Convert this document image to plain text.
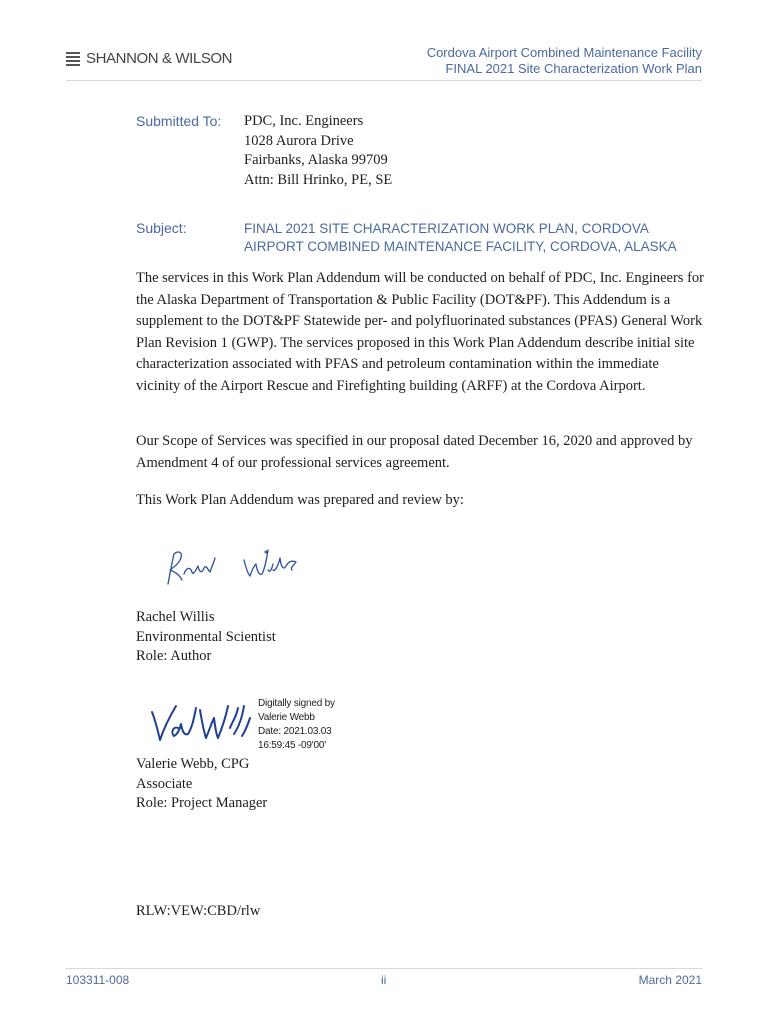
SHANNON & WILSON	Cordova Airport Combined Maintenance Facility
FINAL 2021 Site Characterization Work Plan
Submitted To: PDC, Inc. Engineers
1028 Aurora Drive
Fairbanks, Alaska 99709
Attn: Bill Hrinko, PE, SE
Subject:	FINAL 2021 SITE CHARACTERIZATION WORK PLAN, CORDOVA
AIRPORT COMBINED MAINTENANCE FACILITY, CORDOVA, ALASKA

The services in this Work Plan Addendum will be conducted on behalf of PDC, Inc. Engineers for the Alaska Department of Transportation & Public Facility (DOT&PF). This Addendum is a supplement to the DOT&PF Statewide per- and polyfluorinated substances (PFAS) General Work Plan Revision 1 (GWP). The services proposed in this Work Plan Addendum describe initial site characterization associated with PFAS and petroleum contamination within the immediate vicinity of the Airport Rescue and Firefighting building (ARFF) at the Cordova Airport.

Our Scope of Services was specified in our proposal dated December 16, 2020 and approved by Amendment 4 of our professional services agreement.

This Work Plan Addendum was prepared and review by:

Rachel Willis
Environmental Scientist
Role: Author
Digitally signed by
Valerie Webb
Date: 2021.03.03
16:59:45 -09'00'
Valerie Webb, CPG
Associate
Role: Project Manager
RLW:VEW:CBD/rlw
103311-008	ii	March 2021
